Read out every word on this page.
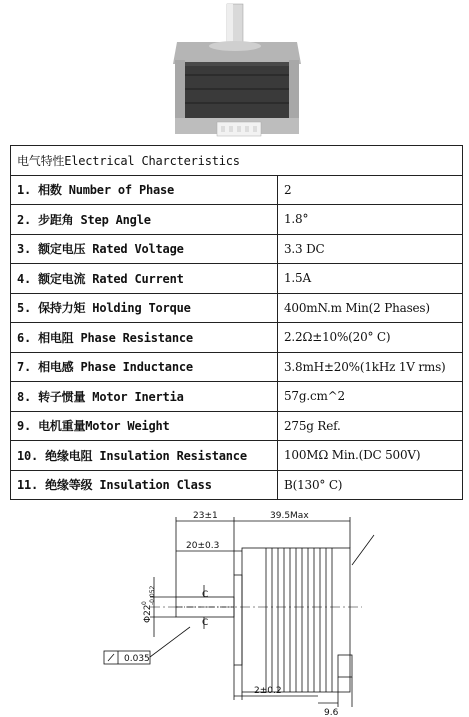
电气特性Electrical Charcteristics	
1. 相数 Number of Phase	2
2. 步距角 Step Angle	1.8°
3. 额定电压 Rated Voltage	3.3 DC
4. 额定电流 Rated Current	1.5A
5. 保持力矩 Holding Torque	400mN.m Min(2 Phases)
6. 相电阻 Phase Resistance	2.2Ω±10%(20° C)
7. 相电感 Phase Inductance	3.8mH±20%(1kHz 1V rms)
8. 转子惯量 Motor Inertia	57g.cm^2
9. 电机重量Motor Weight	275g Ref.
10. 绝缘电阻 Insulation Resistance	100MΩ Min.(DC 500V)
11. 绝缘等级 Insulation Class	B(130° C)
23±1	39.5Max
20±0.3
C
C
0.035
2±0.2
9.6
Φ22
0 -0.052
